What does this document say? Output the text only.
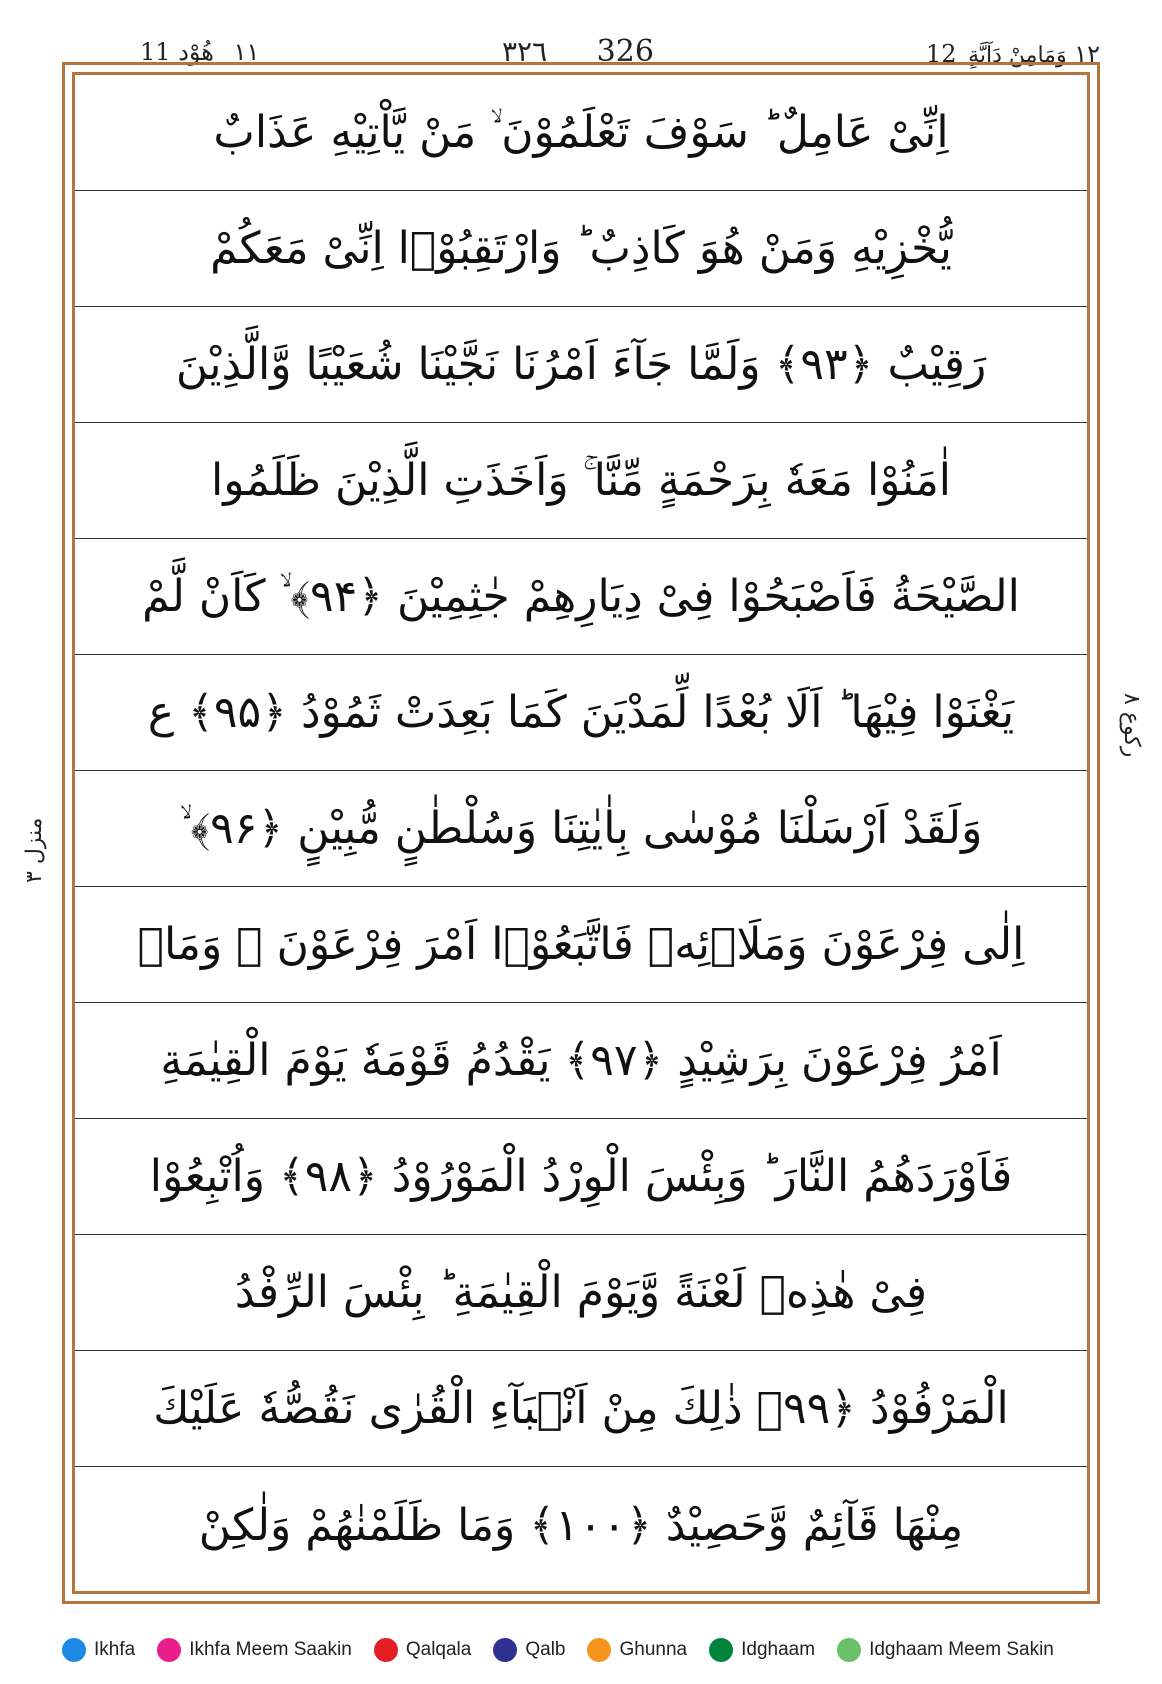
١١ هُوْد 11	٣٢٦ 326	١٢ وَمَامِنْ دَآبَّةٍ 12
منزل ٣
ركوع ٨
اِنِّیْ عَامِلٌ ؕ سَوْفَ تَعْلَمُوْنَ ۙ مَنْ یَّاْتِیْهِ عَذَابٌ
یُّخْزِیْهِ وَمَنْ هُوَ كَاذِبٌ ؕ وَارْتَقِبُوْۤا اِنِّیْ مَعَكُمْ
رَقِیْبٌ ﴿۹۳﴾ وَلَمَّا جَآءَ اَمْرُنَا نَجَّیْنَا شُعَیْبًا وَّالَّذِیْنَ
اٰمَنُوْا مَعَهٗ بِرَحْمَةٍ مِّنَّا ۚ وَاَخَذَتِ الَّذِیْنَ ظَلَمُوا
الصَّیْحَةُ فَاَصْبَحُوْا فِیْ دِیَارِهِمْ جٰثِمِیْنَ ﴿۹۴﴾ ۙ كَاَنْ لَّمْ
یَغْنَوْا فِیْهَا ؕ اَلَا بُعْدًا لِّمَدْیَنَ كَمَا بَعِدَتْ ثَمُوْدُ ﴿۹۵﴾ ع
وَلَقَدْ اَرْسَلْنَا مُوْسٰی بِاٰیٰتِنَا وَسُلْطٰنٍ مُّبِیْنٍ ﴿۹۶﴾ ۙ
اِلٰی فِرْعَوْنَ وَمَلَا۠ئِهٖ فَاتَّبَعُوْۤا اَمْرَ فِرْعَوْنَ ۚ وَمَاۤ
اَمْرُ فِرْعَوْنَ بِرَشِیْدٍ ﴿۹۷﴾ یَقْدُمُ قَوْمَهٗ یَوْمَ الْقِیٰمَةِ
فَاَوْرَدَهُمُ النَّارَ ؕ وَبِئْسَ الْوِرْدُ الْمَوْرُوْدُ ﴿۹۸﴾ وَاُتْبِعُوْا
فِیْ هٰذِهٖ لَعْنَةً وَّیَوْمَ الْقِیٰمَةِ ؕ بِئْسَ الرِّفْدُ
الْمَرْفُوْدُ ﴿۹۹﴾ ذٰلِكَ مِنْ اَنْۢبَآءِ الْقُرٰی نَقُصُّهٗ عَلَیْكَ
مِنْهَا قَآئِمٌ وَّحَصِیْدٌ ﴿۱۰۰﴾ وَمَا ظَلَمْنٰهُمْ وَلٰكِنْ
Ikhfa	Ikhfa Meem Saakin	Qalqala	Qalb	Ghunna	Idghaam	Idghaam Meem Sakin
